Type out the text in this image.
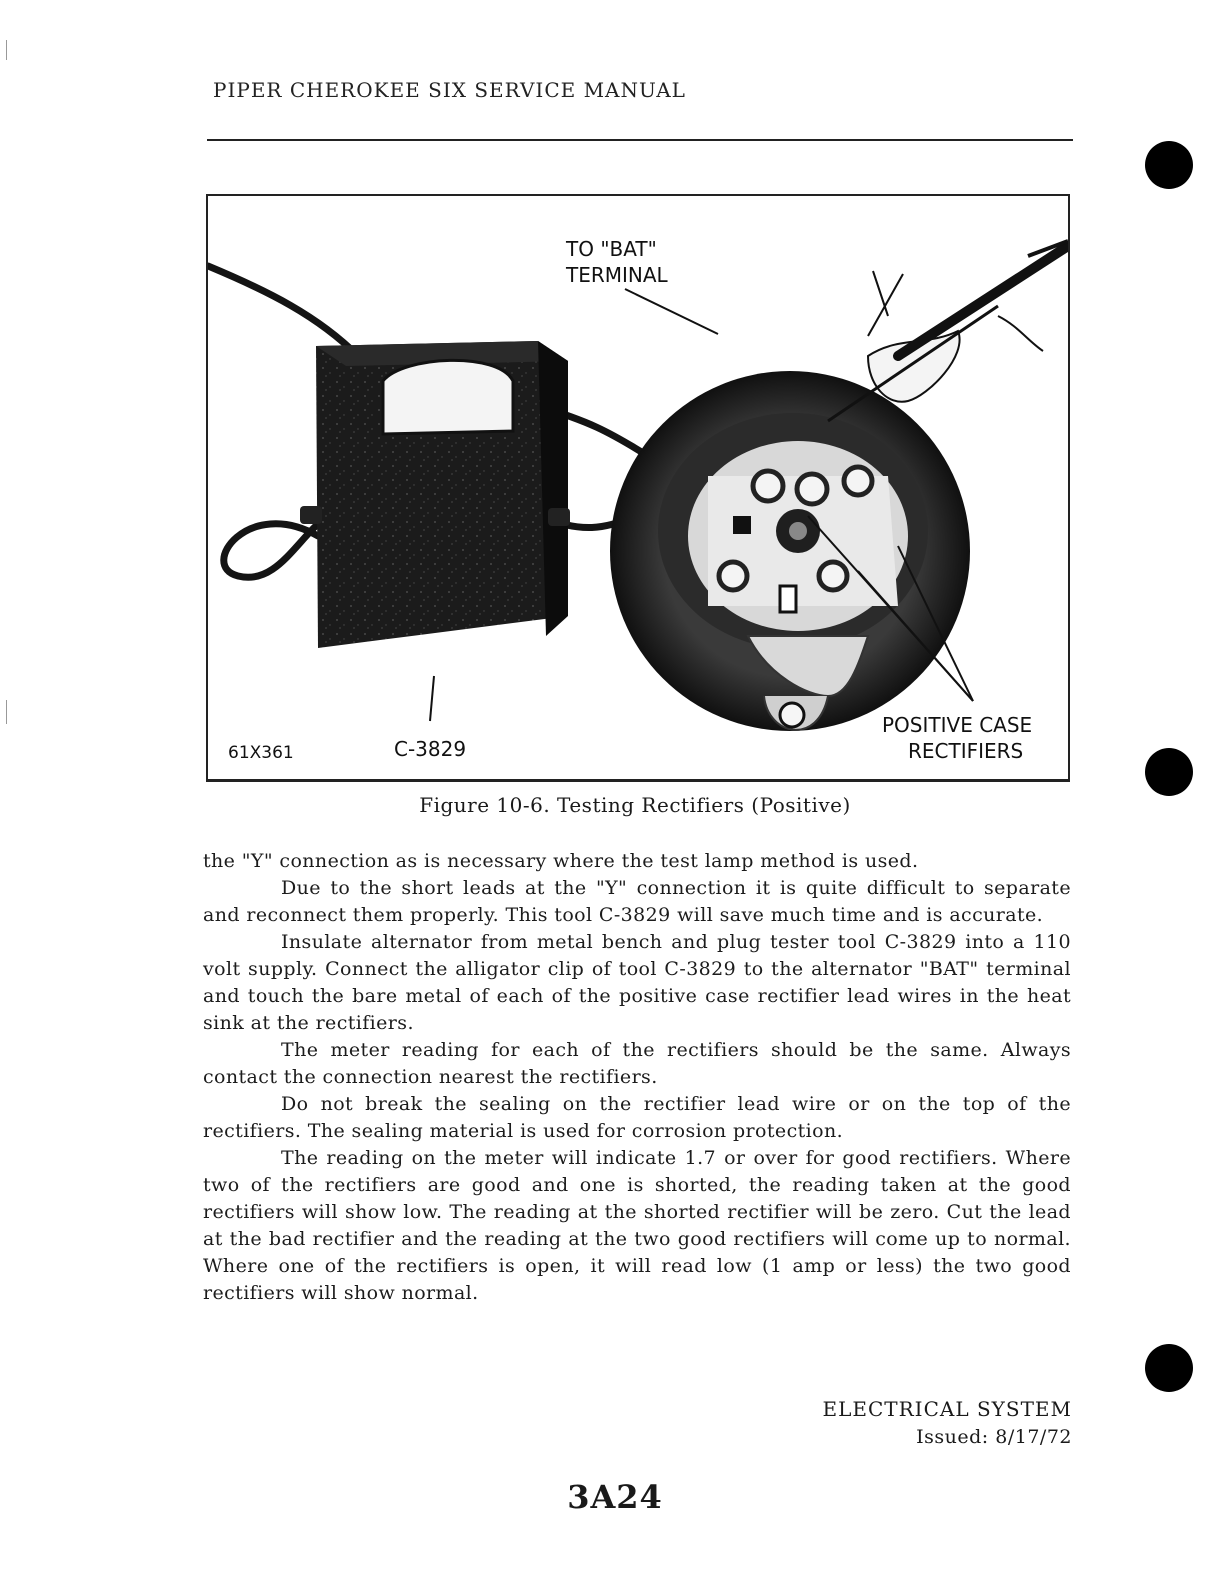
PIPER CHEROKEE SIX SERVICE MANUAL
TO "BAT"
TERMINAL
61X361	C-3829
POSITIVE CASE
RECTIFIERS
Figure 10-6. Testing Rectifiers (Positive)

the "Y" connection as is necessary where the test lamp method is used.

Due to the short leads at the "Y" connection it is quite difficult to separate and reconnect them properly. This tool C-3829 will save much time and is accurate.

Insulate alternator from metal bench and plug tester tool C-3829 into a 110 volt supply. Connect the alligator clip of tool C-3829 to the alternator "BAT" terminal and touch the bare metal of each of the positive case rectifier lead wires in the heat sink at the rectifiers.

The meter reading for each of the rectifiers should be the same. Always contact the connection nearest the rectifiers.

Do not break the sealing on the rectifier lead wire or on the top of the rectifiers. The sealing material is used for corrosion protection.

The reading on the meter will indicate 1.7 or over for good rectifiers. Where two of the rectifiers are good and one is shorted, the reading taken at the good rectifiers will show low. The reading at the shorted rectifier will be zero. Cut the lead at the bad rectifier and the reading at the two good rectifiers will come up to normal. Where one of the rectifiers is open, it will read low (1 amp or less) the two good rectifiers will show normal.

ELECTRICAL SYSTEM
Issued: 8/17/72
3A24
